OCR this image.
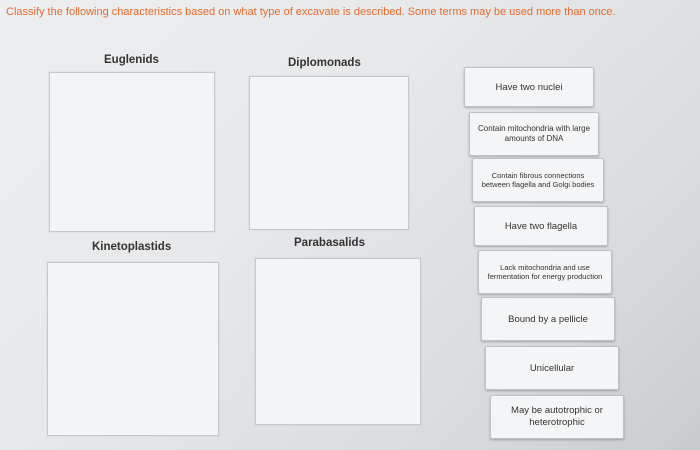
Classify the following characteristics based on what type of excavate is described. Some terms may be used more than once.
Euglenids	Diplomonads
Kinetoplastids	Parabasalids
Have two nuclei
Contain mitochondria with large amounts of DNA
Contain fibrous connections between flagella and Golgi bodies
Have two flagella
Lack mitochondria and use fermentation for energy production
Bound by a pellicle
Unicellular
May be autotrophic or heterotrophic
